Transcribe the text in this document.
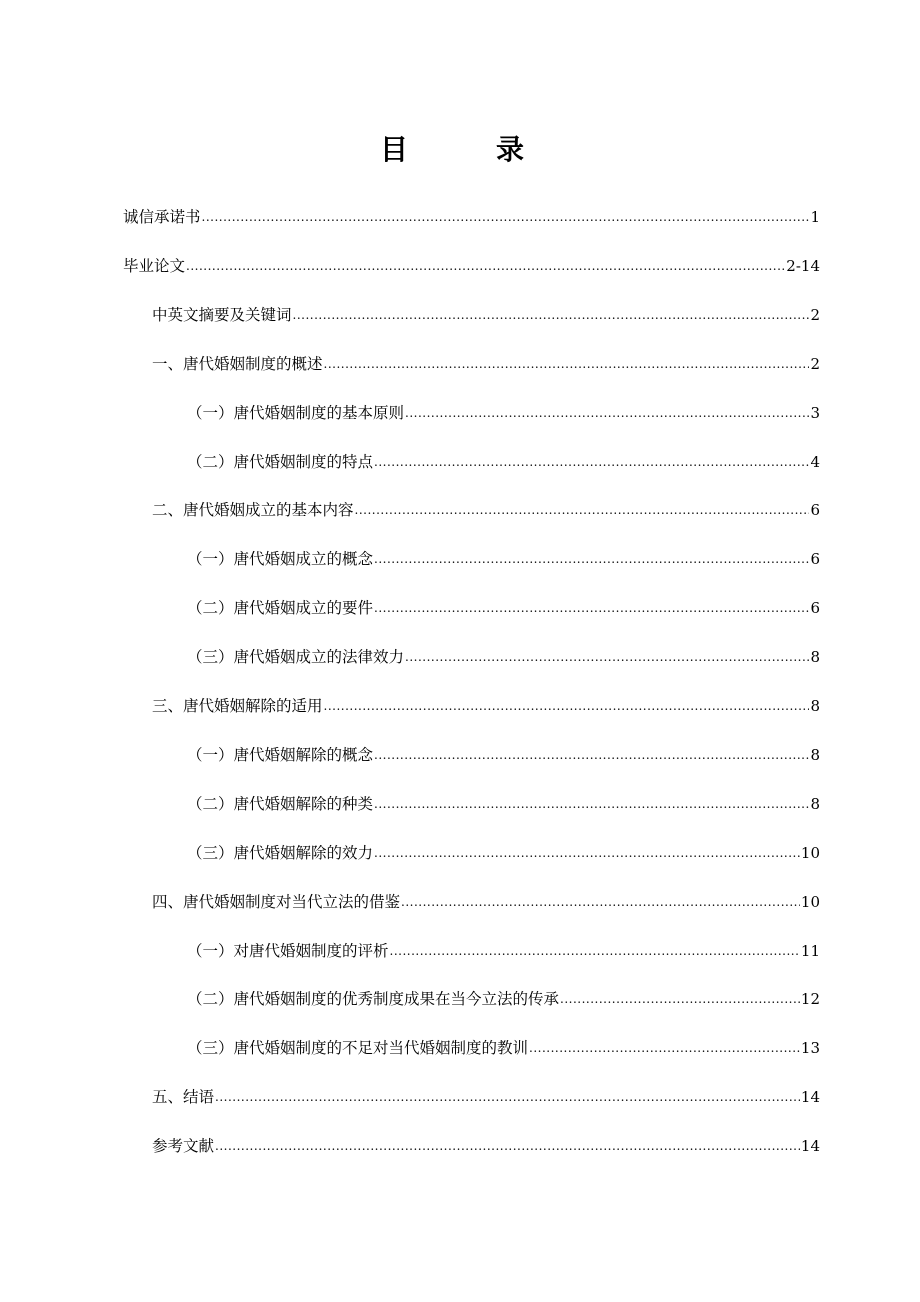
目　录
诚信承诺书 .....	1
毕业论文 .....	2-14
中英文摘要及关键词 .....	2
一、唐代婚姻制度的概述 .....	2
（一）唐代婚姻制度的基本原则 .....	3
（二）唐代婚姻制度的特点 .....	4
二、唐代婚姻成立的基本内容 .....	6
（一）唐代婚姻成立的概念 .....	6
（二）唐代婚姻成立的要件 .....	6
（三）唐代婚姻成立的法律效力 .....	8
三、唐代婚姻解除的适用 .....	8
（一）唐代婚姻解除的概念 .....	8
（二）唐代婚姻解除的种类 .....	8
（三）唐代婚姻解除的效力 .....	10
四、唐代婚姻制度对当代立法的借鉴 .....	10
（一）对唐代婚姻制度的评析 .....	11
（二）唐代婚姻制度的优秀制度成果在当今立法的传承 .....	12
（三）唐代婚姻制度的不足对当代婚姻制度的教训 .....	13
五、结语 .....	14
参考文献 .....	14
